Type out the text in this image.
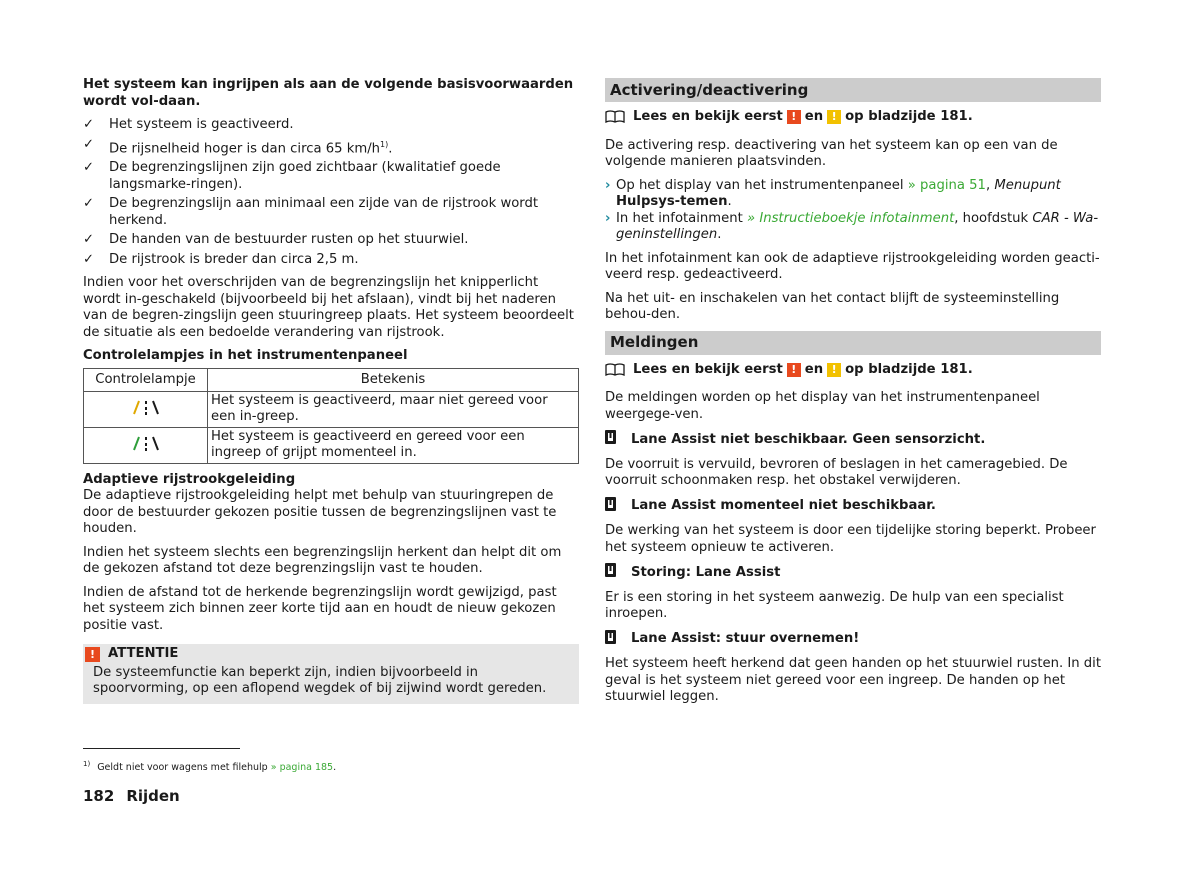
Het systeem kan ingrijpen als aan de volgende basisvoorwaarden wordt vol-daan.

✓ Het systeem is geactiveerd.
✓ De rijsnelheid hoger is dan circa 65 $km/h^{1)}$.
✓ De begrenzingslijnen zijn goed zichtbaar (kwalitatief goede langsmarke-ringen).
✓ De begrenzingslijn aan minimaal een zijde van de rijstrook wordt herkend.
✓ De handen van de bestuurder rusten op het stuurwiel.
✓ De rijstrook is breder dan circa 2,5 m.

Indien voor het overschrijden van de begrenzingslijn het knipperlicht wordt in-geschakeld (bijvoorbeeld bij het afslaan), vindt bij het naderen van de begren-zingslijn geen stuuringreep plaats. Het systeem beoordeelt de situatie als een bedoelde verandering van rijstrook.

Controlelampjes in het instrumentenpaneel

Controlelampje	Betekenis
	Het systeem is geactiveerd, maar niet gereed voor een in-greep.
	Het systeem is geactiveerd en gereed voor een ingreep of grijpt momenteel in.

Adaptieve rijstrookgeleiding

De adaptieve rijstrookgeleiding helpt met behulp van stuuringrepen de door de bestuurder gekozen positie tussen de begrenzingslijnen vast te houden.

Indien het systeem slechts een begrenzingslijn herkent dan helpt dit om de gekozen afstand tot deze begrenzingslijn vast te houden.

Indien de afstand tot de herkende begrenzingslijn wordt gewijzigd, past het systeem zich binnen zeer korte tijd aan en houdt de nieuw gekozen positie vast.

! ATTENTIE
De systeemfunctie kan beperkt zijn, indien bijvoorbeeld in spoorvorming, op een aflopend wegdek of bij zijwind wordt gereden.
Activering/deactivering
Lees en bekijk eerst ! en ! op bladzijde 181.

De activering resp. deactivering van het systeem kan op een van de volgende manieren plaatsvinden.

› Op het display van het instrumentenpaneel » pagina 51, Menupunt Hulpsys-temen.
› In het infotainment » Instructieboekje infotainment, hoofdstuk CAR - Wa-geninstellingen.

In het infotainment kan ook de adaptieve rijstrookgeleiding worden geacti-veerd resp. gedeactiveerd.

Na het uit- en inschakelen van het contact blijft de systeeminstelling behou-den.

Meldingen
Lees en bekijk eerst ! en ! op bladzijde 181.

De meldingen worden op het display van het instrumentenpaneel weergege-ven.

Lane Assist niet beschikbaar. Geen sensorzicht.

De voorruit is vervuild, bevroren of beslagen in het cameragebied. De voorruit schoonmaken resp. het obstakel verwijderen.

Lane Assist momenteel niet beschikbaar.

De werking van het systeem is door een tijdelijke storing beperkt. Probeer het systeem opnieuw te activeren.

Storing: Lane Assist

Er is een storing in het systeem aanwezig. De hulp van een specialist inroepen.

Lane Assist: stuur overnemen!

Het systeem heeft herkend dat geen handen op het stuurwiel rusten. In dit geval is het systeem niet gereed voor een ingreep. De handen op het stuurwiel leggen.

$^{1)}$ Geldt niet voor wagens met filehulp » pagina 185.
182 Rijden
